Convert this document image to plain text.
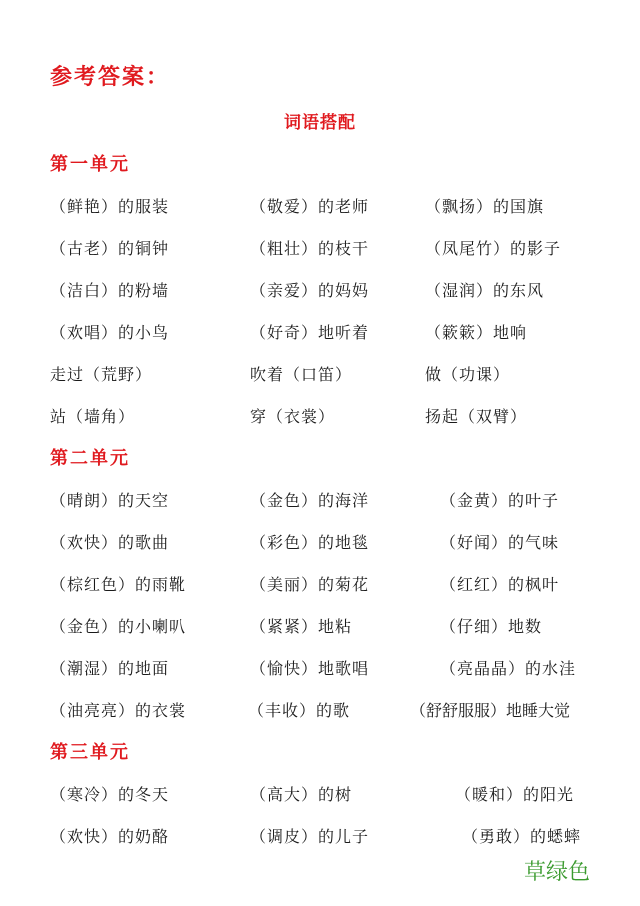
参考答案：
词语搭配
第一单元
（鲜艳）的服装	（敬爱）的老师	（飘扬）的国旗
（古老）的铜钟	（粗壮）的枝干	（凤尾竹）的影子
（洁白）的粉墙	（亲爱）的妈妈	（湿润）的东风
（欢唱）的小鸟	（好奇）地听着	（簌簌）地响
走过（荒野）	吹着（口笛）	做（功课）
站（墙角）	穿（衣裳）	扬起（双臂）
第二单元
（晴朗）的天空	（金色）的海洋	（金黄）的叶子
（欢快）的歌曲	（彩色）的地毯	（好闻）的气味
（棕红色）的雨靴	（美丽）的菊花	（红红）的枫叶
（金色）的小喇叭	（紧紧）地粘	（仔细）地数
（潮湿）的地面	（愉快）地歌唱	（亮晶晶）的水洼
（油亮亮）的衣裳	（丰收）的歌	（舒舒服服）地睡大觉
第三单元
（寒冷）的冬天	（高大）的树	（暖和）的阳光
（欢快）的奶酪	（调皮）的儿子	（勇敢）的蟋蟀
草绿色
